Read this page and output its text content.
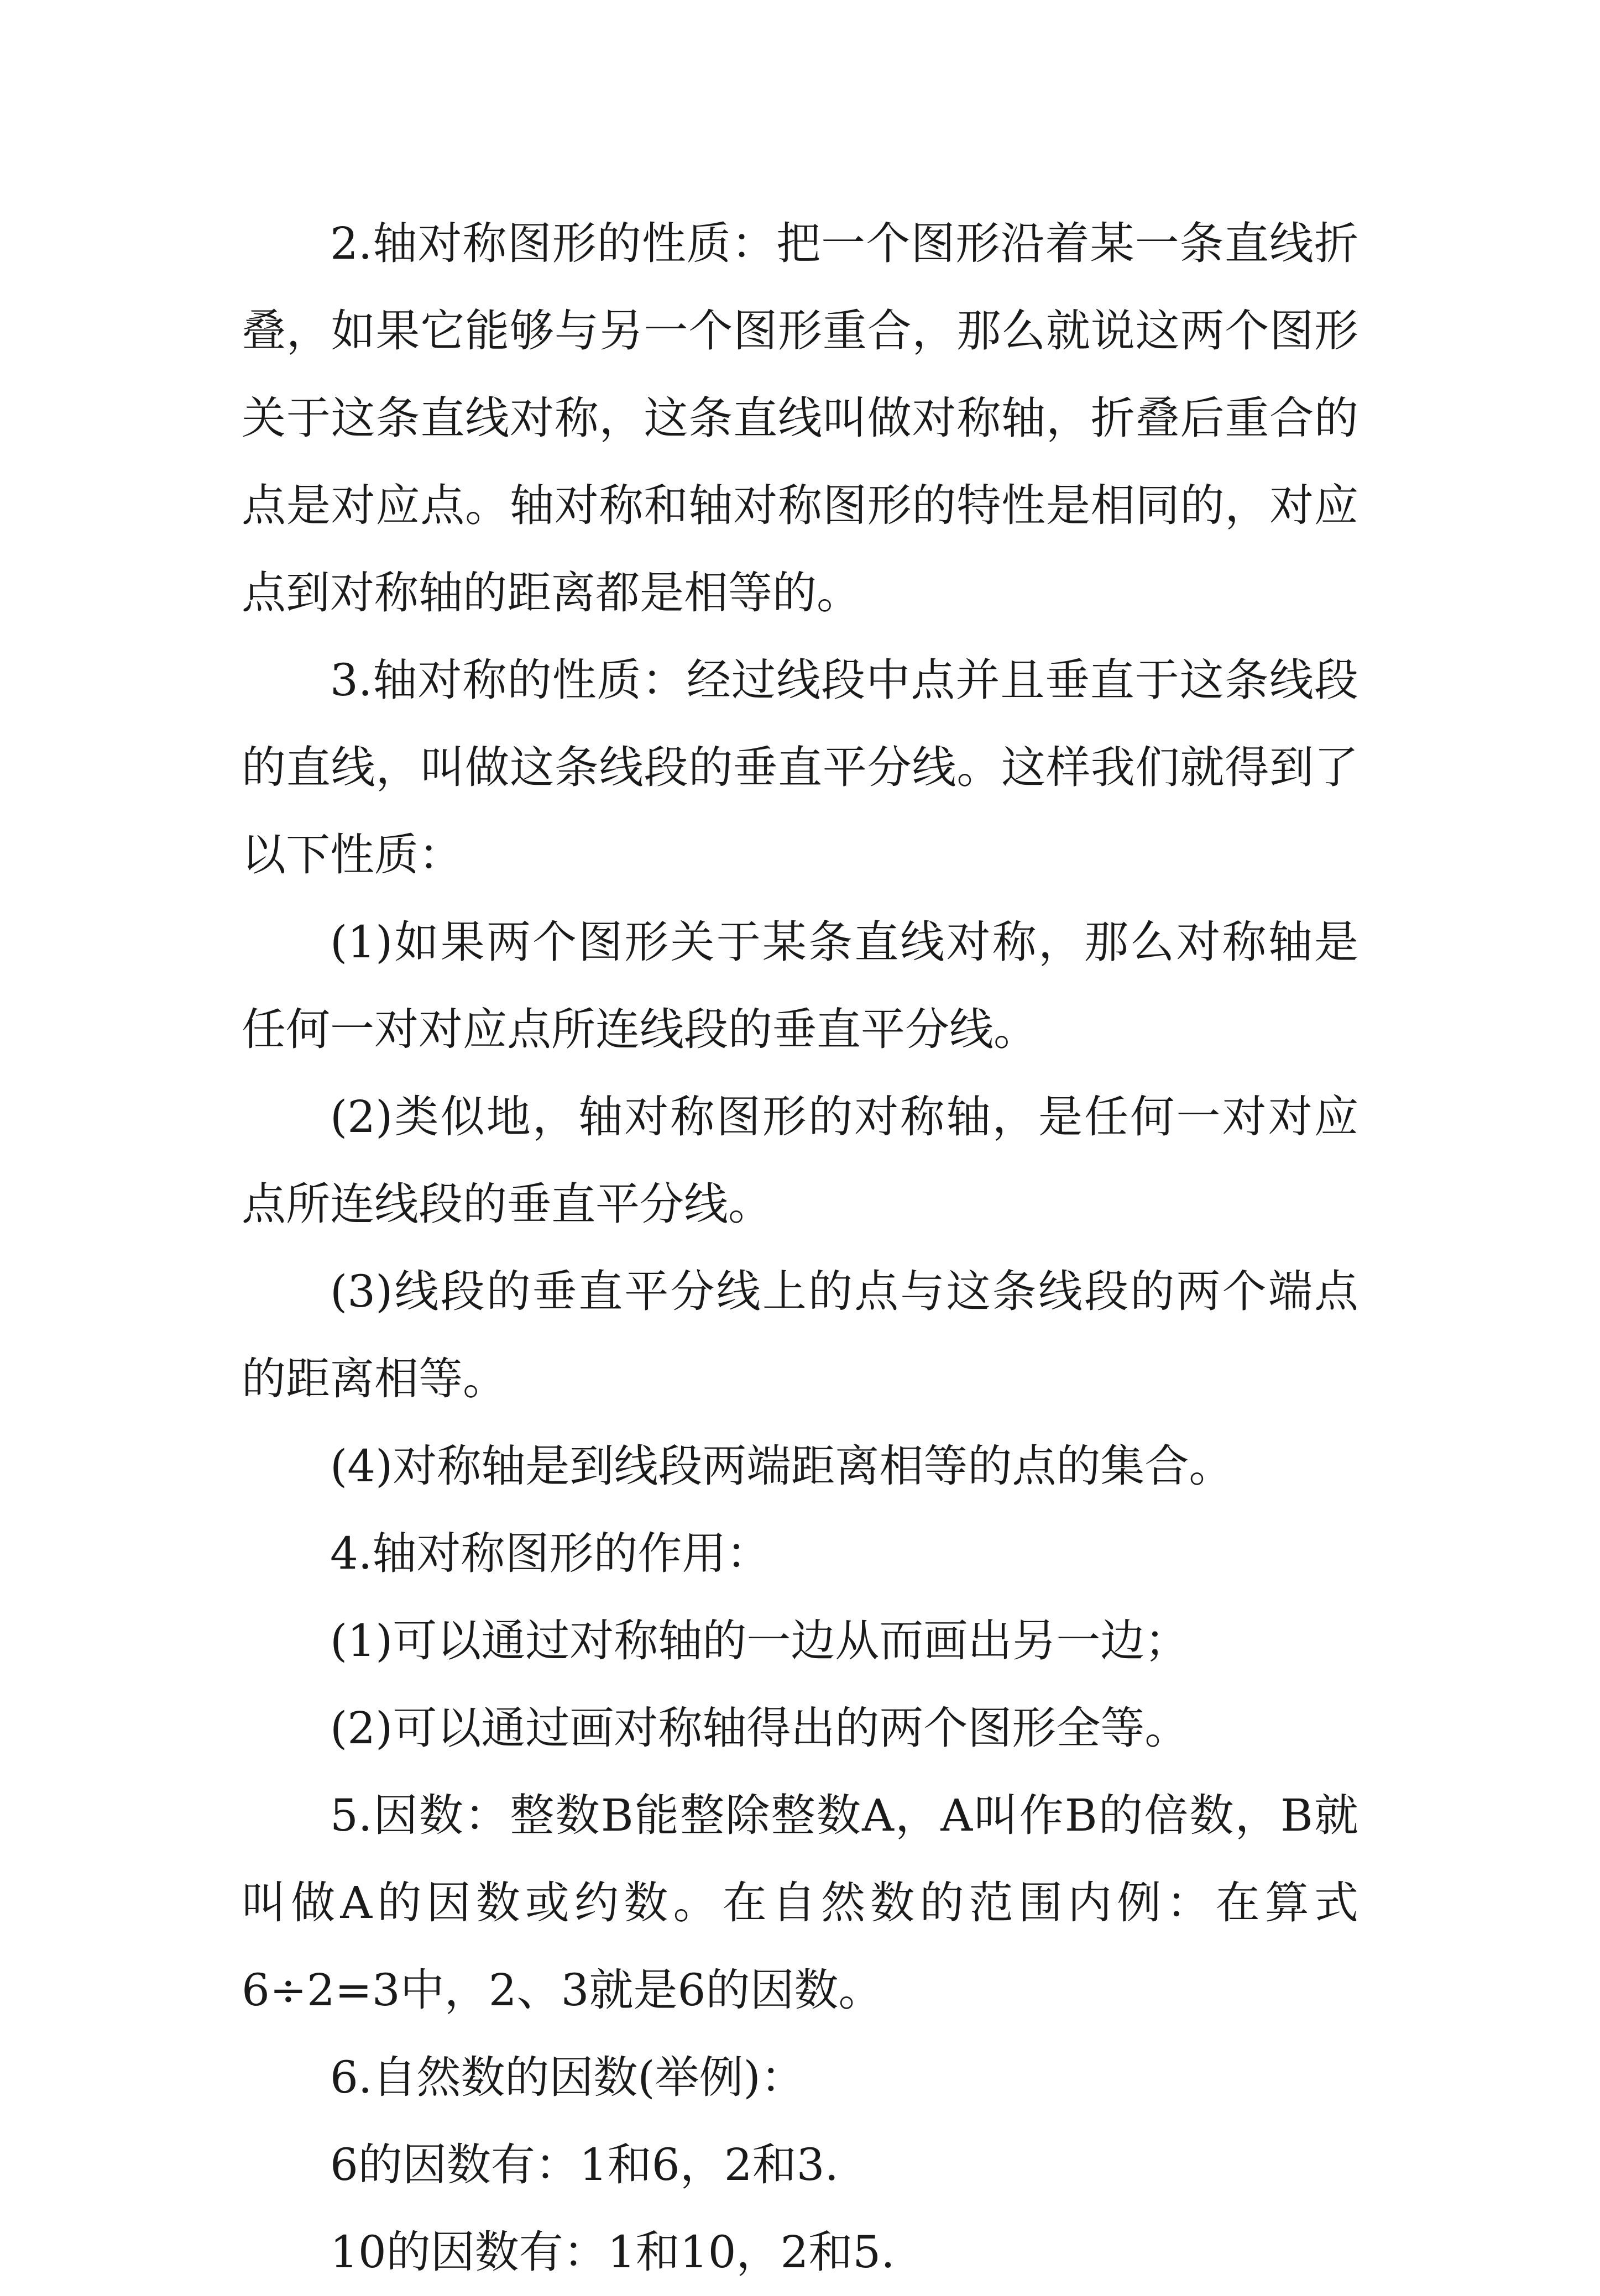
2.轴对称图形的性质：把一个图形沿着某一条直线折叠，如果它能够与另一个图形重合，那么就说这两个图形关于这条直线对称，这条直线叫做对称轴，折叠后重合的点是对应点。轴对称和轴对称图形的特性是相同的，对应点到对称轴的距离都是相等的。

3.轴对称的性质：经过线段中点并且垂直于这条线段的直线，叫做这条线段的垂直平分线。这样我们就得到了以下性质：

(1)如果两个图形关于某条直线对称，那么对称轴是任何一对对应点所连线段的垂直平分线。

(2)类似地，轴对称图形的对称轴，是任何一对对应点所连线段的垂直平分线。

(3)线段的垂直平分线上的点与这条线段的两个端点的距离相等。

(4)对称轴是到线段两端距离相等的点的集合。

4.轴对称图形的作用：

(1)可以通过对称轴的一边从而画出另一边；

(2)可以通过画对称轴得出的两个图形全等。

5.因数：整数B能整除整数A，A叫作B的倍数，B就叫做A的因数或约数。在自然数的范围内例：在算式6÷2=3中，2、3就是6的因数。

6.自然数的因数(举例)：

6的因数有：1和6，2和3.

10的因数有：1和10，2和5.
